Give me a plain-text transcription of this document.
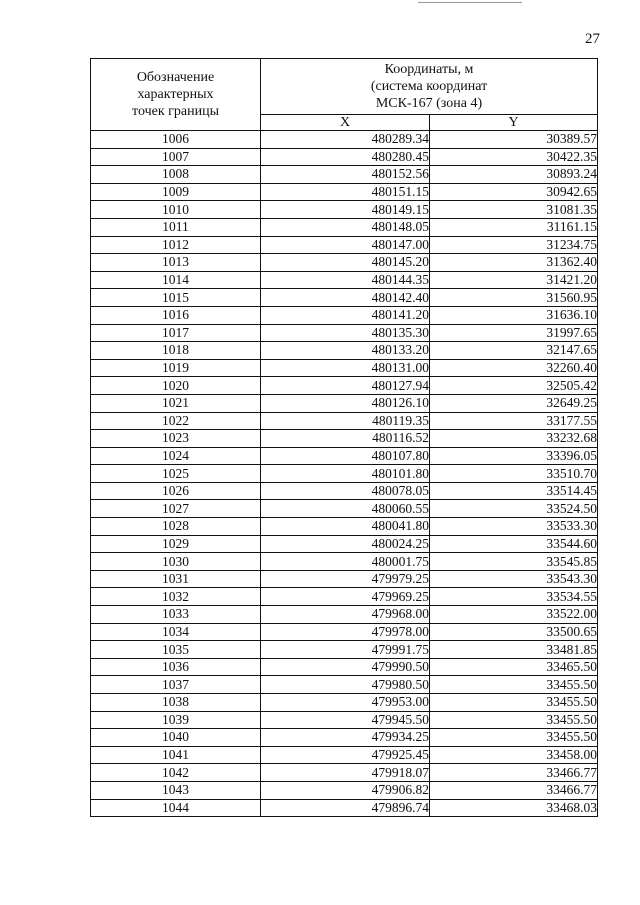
27
Обозначение
характерных
точек границы	Координаты, м
(система координат
МСК-167 (зона 4)	
	X	Y
1006	480289.34	30389.57
1007	480280.45	30422.35
1008	480152.56	30893.24
1009	480151.15	30942.65
1010	480149.15	31081.35
1011	480148.05	31161.15
1012	480147.00	31234.75
1013	480145.20	31362.40
1014	480144.35	31421.20
1015	480142.40	31560.95
1016	480141.20	31636.10
1017	480135.30	31997.65
1018	480133.20	32147.65
1019	480131.00	32260.40
1020	480127.94	32505.42
1021	480126.10	32649.25
1022	480119.35	33177.55
1023	480116.52	33232.68
1024	480107.80	33396.05
1025	480101.80	33510.70
1026	480078.05	33514.45
1027	480060.55	33524.50
1028	480041.80	33533.30
1029	480024.25	33544.60
1030	480001.75	33545.85
1031	479979.25	33543.30
1032	479969.25	33534.55
1033	479968.00	33522.00
1034	479978.00	33500.65
1035	479991.75	33481.85
1036	479990.50	33465.50
1037	479980.50	33455.50
1038	479953.00	33455.50
1039	479945.50	33455.50
1040	479934.25	33455.50
1041	479925.45	33458.00
1042	479918.07	33466.77
1043	479906.82	33466.77
1044	479896.74	33468.03
